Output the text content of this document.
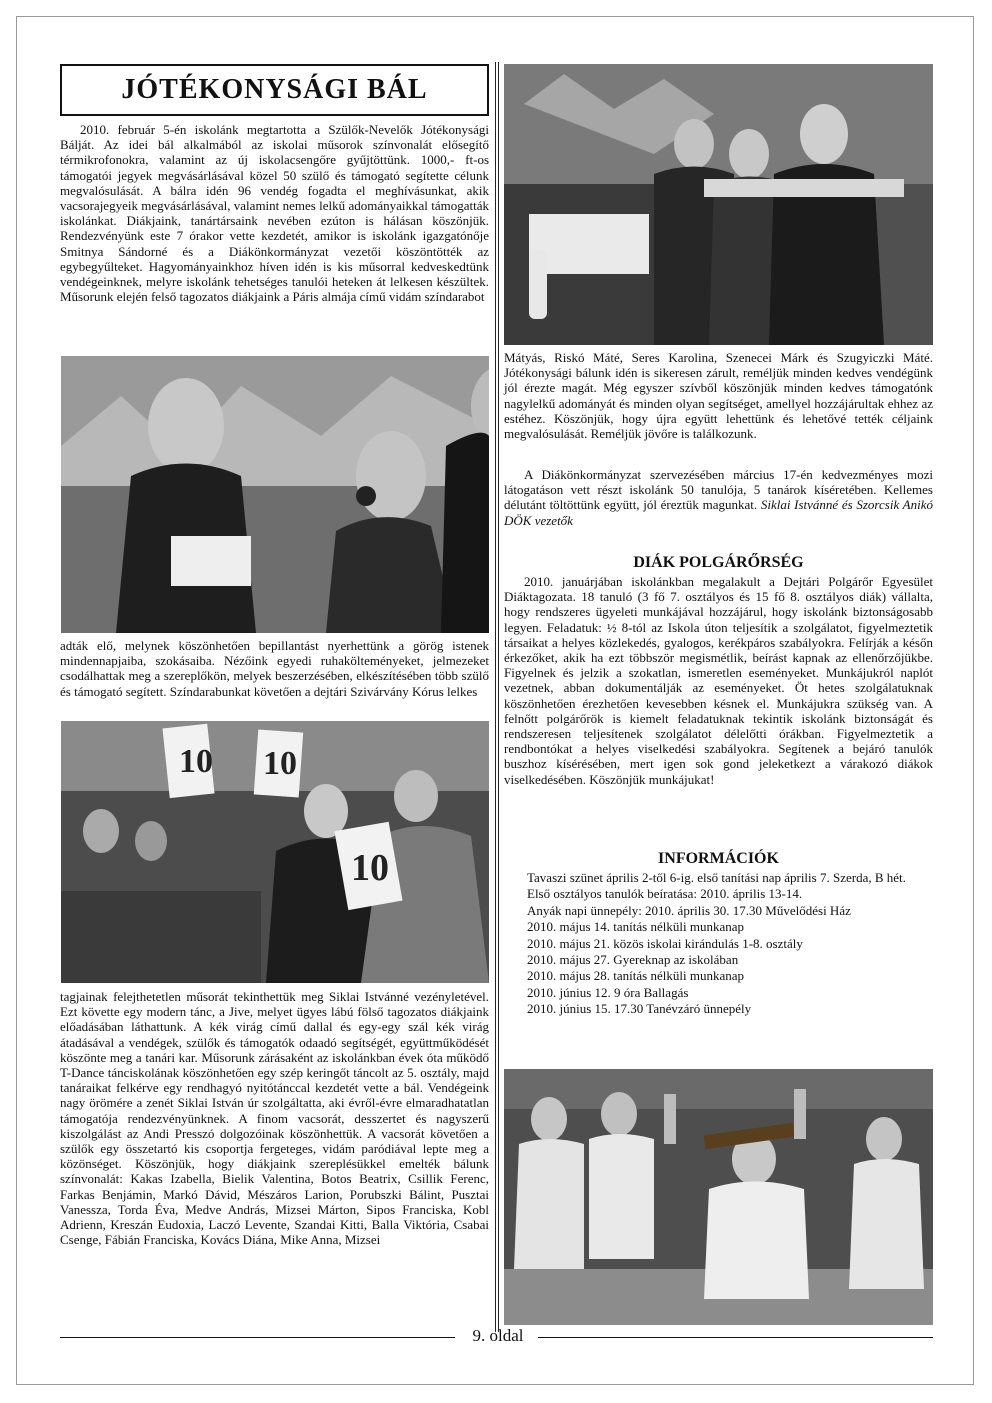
JÓTÉKONYSÁGI BÁL

2010. február 5-én iskolánk megtartotta a Szülők-Nevelők Jótékonysági Bálját. Az idei bál alkalmából az iskolai műsorok színvonalát elősegítő térmikrofonokra, valamint az új iskolacsengőre gyűjtöttünk. 1000,- ft-os támogatói jegyek megvásárlásával közel 50 szülő és támogató segítette célunk megvalósulását. A bálra idén 96 vendég fogadta el meghívásunkat, akik vacsorajegyeik megvásárlásával, valamint nemes lelkű adományaikkal támogatták iskolánkat. Diákjaink, tanártársaink nevében ezúton is hálásan köszönjük. Rendezvényünk este 7 órakor vette kezdetét, amikor is iskolánk igazgatónője Smitnya Sándorné és a Diákönkormányzat vezetői köszöntötték az egybegyűlteket. Hagyományainkhoz híven idén is kis műsorral kedveskedtünk vendégeinknek, melyre iskolánk tehetséges tanulói heteken át lelkesen készültek. Műsorunk elején felső tagozatos diákjaink a Páris almája című vidám színdarabot

adták elő, melynek köszönhetően bepillantást nyerhettünk a görög istenek mindennapjaiba, szokásaiba. Nézőink egyedi ruhakölteményeket, jelmezeket csodálhattak meg a szereplőkön, melyek beszerzésében, elkészítésében több szülő és támogató segített. Színdarabunkat követően a dejtári Szivárvány Kórus lelkes

10 10
10

tagjainak felejthetetlen műsorát tekinthettük meg Siklai Istvánné vezényletével. Ezt követte egy modern tánc, a Jive, melyet ügyes lábú fölső tagozatos diákjaink előadásában láthattunk. A kék virág című dallal és egy-egy szál kék virág átadásával a vendégek, szülők és támogatók odaadó segítségét, együttműködését köszönte meg a tanári kar. Műsorunk zárásaként az iskolánkban évek óta működő T-Dance tánciskolának köszönhetően egy szép keringőt táncolt az 5. osztály, majd tanáraikat felkérve egy rendhagyó nyitótánccal kezdetét vette a bál. Vendégeink nagy örömére a zenét Siklai István úr szolgáltatta, aki évről-évre elmaradhatatlan támogatója rendezvényünknek. A finom vacsorát, desszertet és nagyszerű kiszolgálást az Andi Presszó dolgozóinak köszönhettük. A vacsorát követően a szülők egy összetartó kis csoportja fergeteges, vidám paródiával lepte meg a közönséget. Köszönjük, hogy diákjaink szereplésükkel emelték bálunk színvonalát: Kakas Izabella, Bielik Valentina, Botos Beatrix, Csillik Ferenc, Farkas Benjámin, Markó Dávid, Mészáros Larion, Porubszki Bálint, Pusztai Vanessza, Torda Éva, Medve András, Mizsei Márton, Sipos Franciska, Kobl Adrienn, Kreszán Eudoxia, Laczó Levente, Szandai Kitti, Balla Viktória, Csabai Csenge, Fábián Franciska, Kovács Diána, Mike Anna, Mizsei

Mátyás, Riskó Máté, Seres Karolina, Szenecei Márk és Szugyiczki Máté. Jótékonysági bálunk idén is sikeresen zárult, reméljük minden kedves vendégünk jól érezte magát. Még egyszer szívből köszönjük minden kedves támogatónk nagylelkű adományát és minden olyan segítséget, amellyel hozzájárultak ehhez az estéhez. Köszönjük, hogy újra együtt lehettünk és lehetővé tették céljaink megvalósulását. Reméljük jövőre is találkozunk.

A Diákönkormányzat szervezésében március 17-én kedvezményes mozi látogatáson vett részt iskolánk 50 tanulója, 5 tanárok kíséretében. Kellemes délutánt töltöttünk együtt, jól éreztük magunkat. Siklai Istvánné és Szorcsik Anikó DÖK vezetők

DIÁK POLGÁRŐRSÉG

2010. januárjában iskolánkban megalakult a Dejtári Polgárőr Egyesület Diáktagozata. 18 tanuló (3 fő 7. osztályos és 15 fő 8. osztályos diák) vállalta, hogy rendszeres ügyeleti munkájával hozzájárul, hogy iskolánk biztonságosabb legyen. Feladatuk: ½ 8-tól az Iskola úton teljesítik a szolgálatot, figyelmeztetik társaikat a helyes közlekedés, gyalogos, kerékpáros szabályokra. Felírják a későn érkezőket, akik ha ezt többször megismétlik, beírást kapnak az ellenőrzőjükbe. Figyelnek és jelzik a szokatlan, ismeretlen eseményeket. Munkájukról naplót vezetnek, abban dokumentálják az eseményeket. Öt hetes szolgálatuknak köszönhetően érezhetően kevesebben késnek el. Munkájukra szükség van. A felnőtt polgárőrök is kiemelt feladatuknak tekintik iskolánk biztonságát és rendszeresen teljesítenek szolgálatot délelőtti órákban. Figyelmeztetik a rendbontókat a helyes viselkedési szabályokra. Segítenek a bejáró tanulók buszhoz kísérésében, mert igen sok gond jeleketkezt a várakozó diákok viselkedésében. Köszönjük munkájukat!

INFORMÁCIÓK
Tavaszi szünet április 2-től 6-ig. első tanítási nap április 7. Szerda, B hét.
Első osztályos tanulók beíratása: 2010. április 13-14.
Anyák napi ünnepély: 2010. április 30. 17.30 Művelődési Ház
2010. május 14. tanítás nélküli munkanap
2010. május 21. közös iskolai kirándulás 1-8. osztály
2010. május 27. Gyereknap az iskolában
2010. május 28. tanítás nélküli munkanap
2010. június 12. 9 óra Ballagás
2010. június 15. 17.30 Tanévzáró ünnepély
9. oldal
